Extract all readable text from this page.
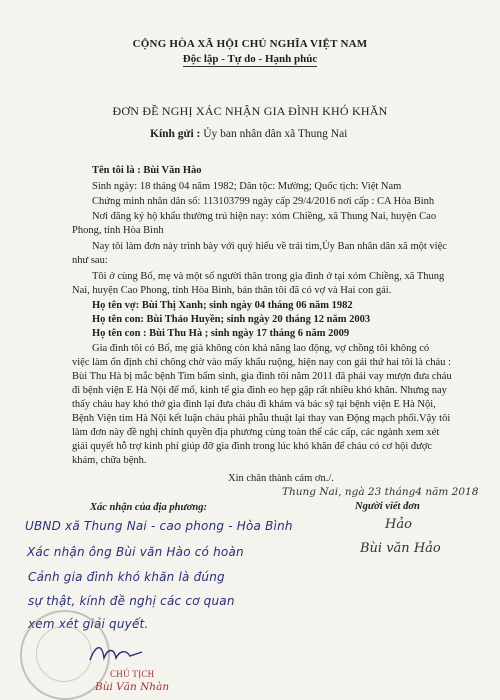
CỘNG HÒA XÃ HỘI CHỦ NGHĨA VIỆT NAM
Độc lập - Tự do - Hạnh phúc
ĐƠN ĐỀ NGHỊ XÁC NHẬN GIA ĐÌNH KHÓ KHĂN
Kính gửi : Ủy ban nhân dân xã Thung Nai
Tên tôi là : Bùi Văn Hào
Sinh ngày: 18 tháng 04 năm 1982; Dân tộc: Mường; Quốc tịch: Việt Nam
Chứng minh nhân dân số: 113103799 ngày cấp 29/4/2016 nơi cấp : CA Hòa Bình
Nơi đăng ký hộ khẩu thường trú hiện nay: xóm Chiềng, xã Thung Nai, huyện Cao
Phong, tỉnh Hòa Bình
Nay tôi làm đơn này trình bày với quý hiểu về trái tim,Ủy Ban nhân dân xã một việc
như sau:
Tôi ở cùng Bố, mẹ và một số người thân trong gia đình ở tại xóm Chiềng, xã Thung
Nai, huyện Cao Phong, tỉnh Hòa Bình, bản thân tôi đã có vợ và Hai con gái.
Họ tên vợ: Bùi Thị Xanh; sinh ngày 04 tháng 06 năm 1982
Họ tên con: Bùi Thảo Huyền; sinh ngày 20 tháng 12 năm 2003
Họ tên con : Bùi Thu Hà ; sinh ngày 17 tháng 6 năm 2009
Gia đình tôi có Bố, mẹ già không còn khả năng lao động, vợ chồng tôi không có
việc làm ổn định chỉ chông chờ vào mấy khẩu ruộng, hiện nay con gái thứ hai tôi là cháu :
Bùi Thu Hà bị mắc bệnh Tim bẩm sinh, gia đình tôi năm 2011 đã phải vay mượn đưa cháu
đi bệnh viện E Hà Nội để mổ, kinh tế gia đình eo hẹp gặp rất nhiều khó khăn. Nhưng nay
thấy cháu hay khó thở gia đình lại đưa cháu đi khám và bác sỹ tại bệnh viện E Hà Nội,
Bệnh Viện tim Hà Nội kết luận cháu phải phẫu thuật lại thay van Động mạch phổi.Vậy tôi
làm đơn này đề nghị chính quyền địa phương cùng toàn thể các cấp, các ngành xem xét
giải quyết hỗ trợ kinh phí giúp đỡ gia đình trong lúc khó khăn để cháu có cơ hội được
khám, chữa bệnh.
Xin chân thành cám ơn./.
Xác nhận của địa phương:
Thung Nai, ngà 23 tháng4 năm 2018
Người viết đơn
Hảo
Bùi văn Hảo
UBND xã Thung Nai - cao phong - Hòa Bình
Xác nhận ông Bùi văn Hào có hoàn
Cảnh gia đình khó khăn là đúng
sự thật, kính đề nghị các cơ quan
xem xét giải quyết.
CHỦ TỊCH
Bùi Văn Nhàn
